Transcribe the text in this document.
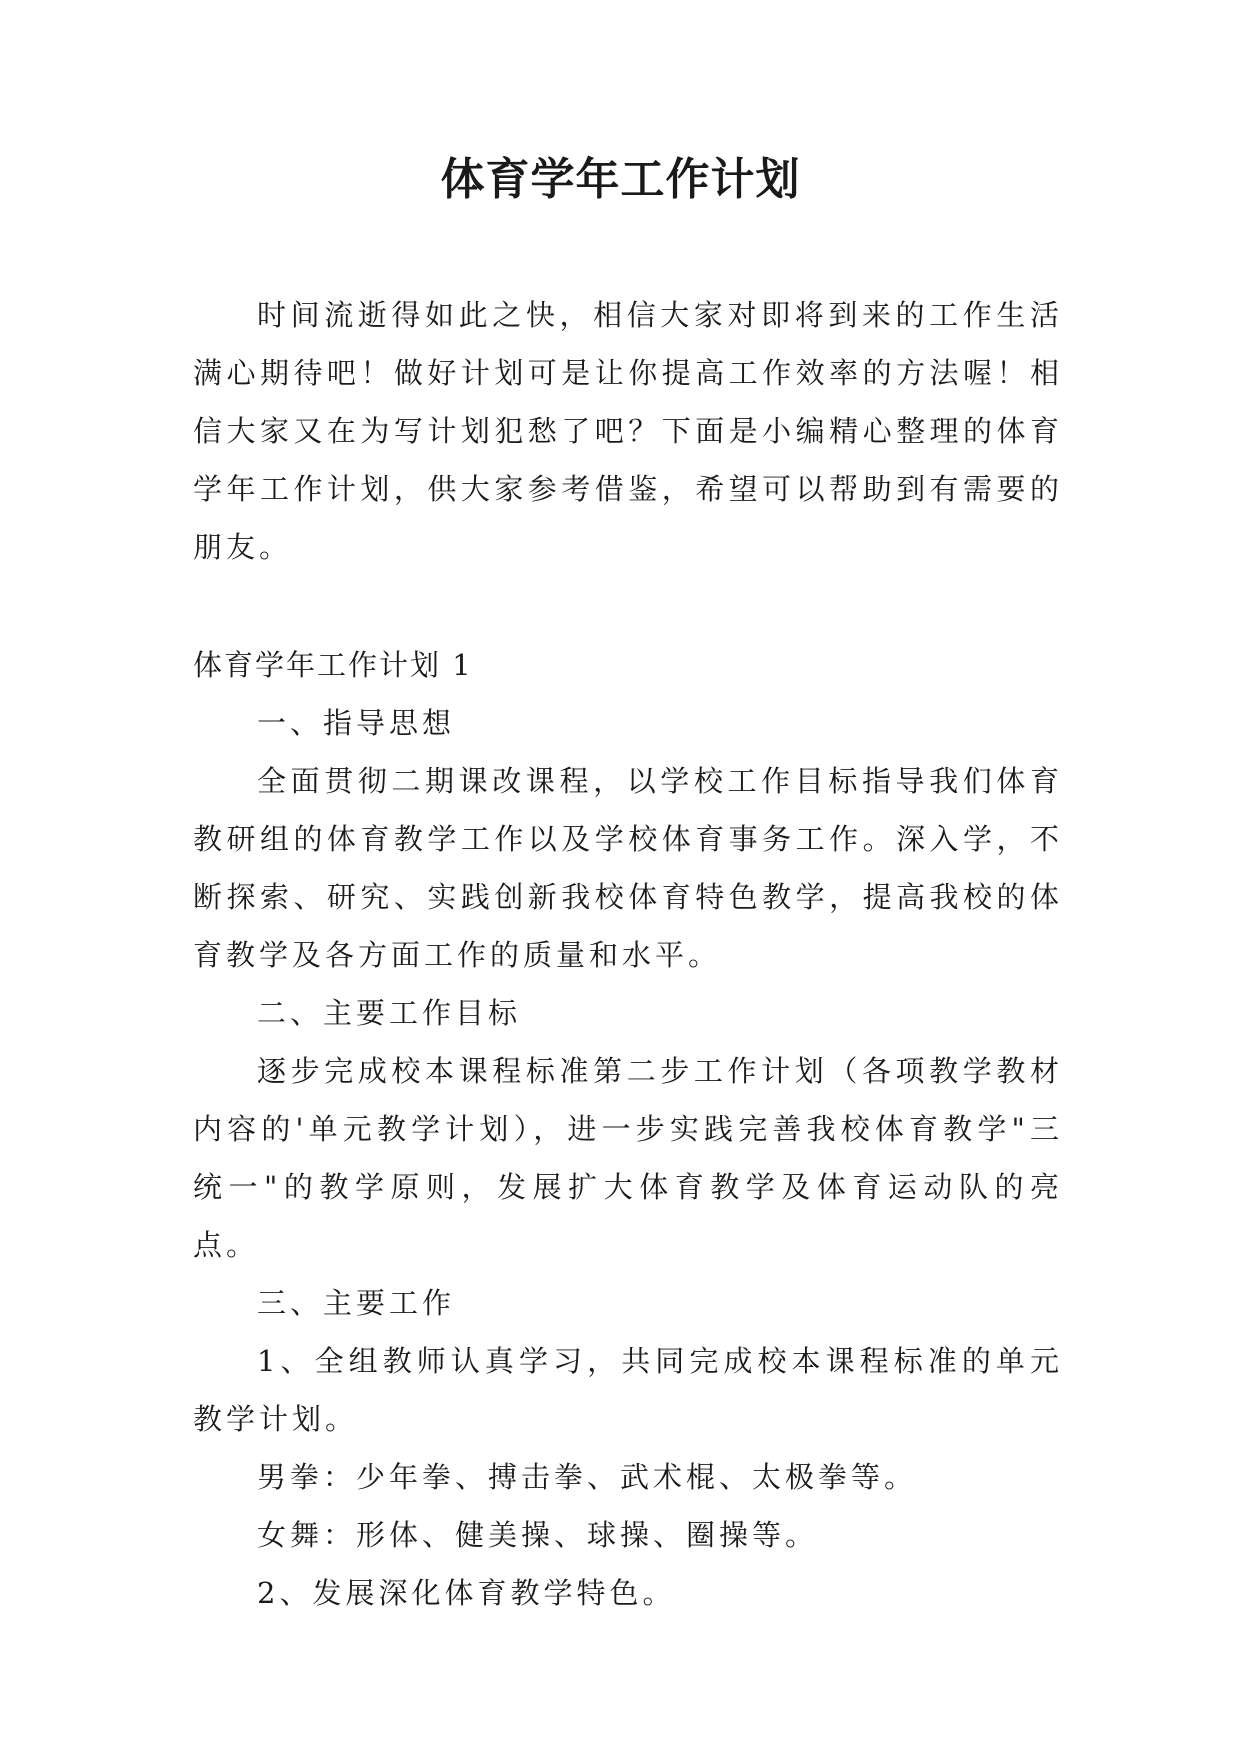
体育学年工作计划

时间流逝得如此之快，相信大家对即将到来的工作生活满心期待吧！做好计划可是让你提高工作效率的方法喔！相信大家又在为写计划犯愁了吧？下面是小编精心整理的体育学年工作计划，供大家参考借鉴，希望可以帮助到有需要的朋友。

体育学年工作计划 1

一、指导思想

全面贯彻二期课改课程，以学校工作目标指导我们体育教研组的体育教学工作以及学校体育事务工作。深入学，不断探索、研究、实践创新我校体育特色教学，提高我校的体育教学及各方面工作的质量和水平。

二、主要工作目标

逐步完成校本课程标准第二步工作计划（各项教学教材内容的'单元教学计划），进一步实践完善我校体育教学"三统一"的教学原则，发展扩大体育教学及体育运动队的亮点。

三、主要工作

1、全组教师认真学习，共同完成校本课程标准的单元教学计划。

男拳：少年拳、搏击拳、武术棍、太极拳等。

女舞：形体、健美操、球操、圈操等。

2、发展深化体育教学特色。
